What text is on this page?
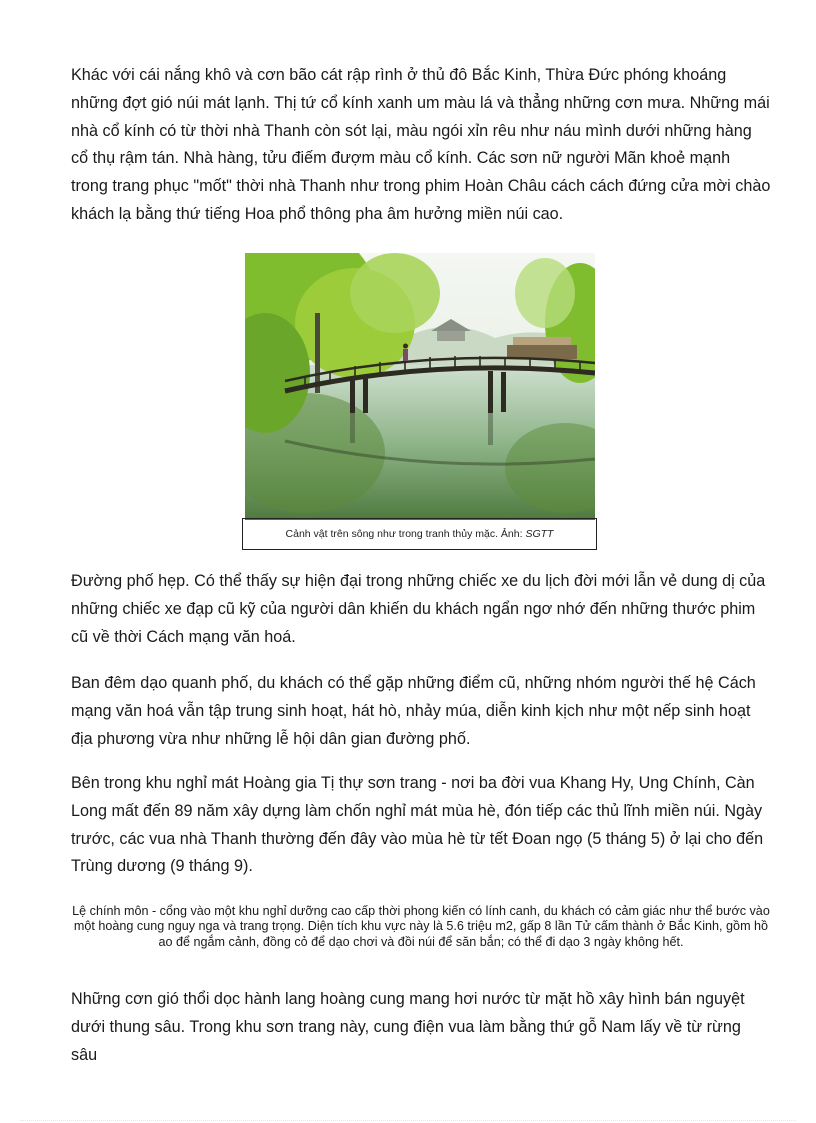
Khác với cái nắng khô và cơn bão cát rập rình ở thủ đô Bắc Kinh, Thừa Đức phóng khoáng những đợt gió núi mát lạnh. Thị tứ cổ kính xanh um màu lá và thẳng những cơn mưa. Những mái nhà cổ kính có từ thời nhà Thanh còn sót lại, màu ngói xỉn rêu như náu mình dưới những hàng cổ thụ rậm tán. Nhà hàng, tửu điếm đượm màu cổ kính. Các sơn nữ người Mãn khoẻ mạnh trong trang phục "mốt" thời nhà Thanh như trong phim Hoàn Châu cách cách đứng cửa mời chào khách lạ bằng thứ tiếng Hoa phổ thông pha âm hưởng miền núi cao.

Cảnh vật trên sông như trong tranh thủy mặc. Ảnh: SGTT

Đường phố hẹp. Có thể thấy sự hiện đại trong những chiếc xe du lịch đời mới lẫn vẻ dung dị của những chiếc xe đạp cũ kỹ của người dân khiến du khách ngẩn ngơ nhớ đến những thước phim cũ về thời Cách mạng văn hoá.

Ban đêm dạo quanh phố, du khách có thể gặp những điểm cũ, những nhóm người thế hệ Cách mạng văn hoá vẫn tập trung sinh hoạt, hát hò, nhảy múa, diễn kinh kịch như một nếp sinh hoạt địa phương vừa như những lễ hội dân gian đường phố.

Bên trong khu nghỉ mát Hoàng gia Tị thự sơn trang - nơi ba đời vua Khang Hy, Ung Chính, Càn Long mất đến 89 năm xây dựng làm chốn nghỉ mát mùa hè, đón tiếp các thủ lĩnh miền núi. Ngày trước, các vua nhà Thanh thường đến đây vào mùa hè từ tết Đoan ngọ (5 tháng 5) ở lại cho đến Trùng dương (9 tháng 9).

Lệ chính môn - cổng vào một khu nghỉ dưỡng cao cấp thời phong kiến có lính canh, du khách có cảm giác như thể bước vào một hoàng cung nguy nga và trang trọng. Diện tích khu vực này là 5.6 triệu m2, gấp 8 lần Tử cấm thành ở Bắc Kinh, gồm hồ ao để ngắm cảnh, đồng cỏ để dạo chơi và đồi núi để săn bắn; có thể đi dạo 3 ngày không hết.

Những cơn gió thổi dọc hành lang hoàng cung mang hơi nước từ mặt hồ xây hình bán nguyệt dưới thung sâu. Trong khu sơn trang này, cung điện vua làm bằng thứ gỗ Nam lấy về từ rừng sâu
